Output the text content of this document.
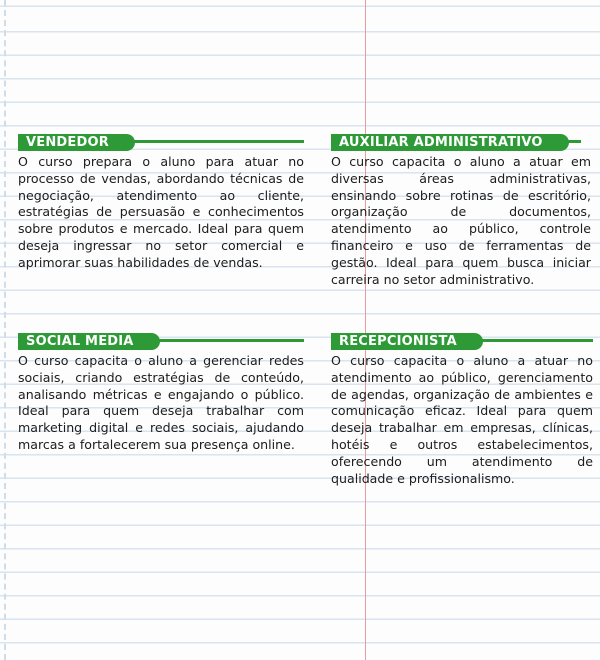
VENDEDOR

O curso prepara o aluno para atuar no processo de vendas, abordando técnicas de negociação, atendimento ao cliente, estratégias de persuasão e conhecimentos sobre produtos e mercado. Ideal para quem deseja ingressar no setor comercial e aprimorar suas habilidades de vendas.

AUXILIAR ADMINISTRATIVO

O curso capacita o aluno a atuar em diversas áreas administrativas, ensinando sobre rotinas de escritório, organização de documentos, atendimento ao público, controle financeiro e uso de ferramentas de gestão. Ideal para quem busca iniciar carreira no setor administrativo.

SOCIAL MEDIA

O curso capacita o aluno a gerenciar redes sociais, criando estratégias de conteúdo, analisando métricas e engajando o público. Ideal para quem deseja trabalhar com marketing digital e redes sociais, ajudando marcas a fortalecerem sua presença online.

RECEPCIONISTA

O curso capacita o aluno a atuar no atendimento ao público, gerenciamento de agendas, organização de ambientes e comunicação eficaz. Ideal para quem deseja trabalhar em empresas, clínicas, hotéis e outros estabelecimentos, oferecendo um atendimento de qualidade e profissionalismo.
